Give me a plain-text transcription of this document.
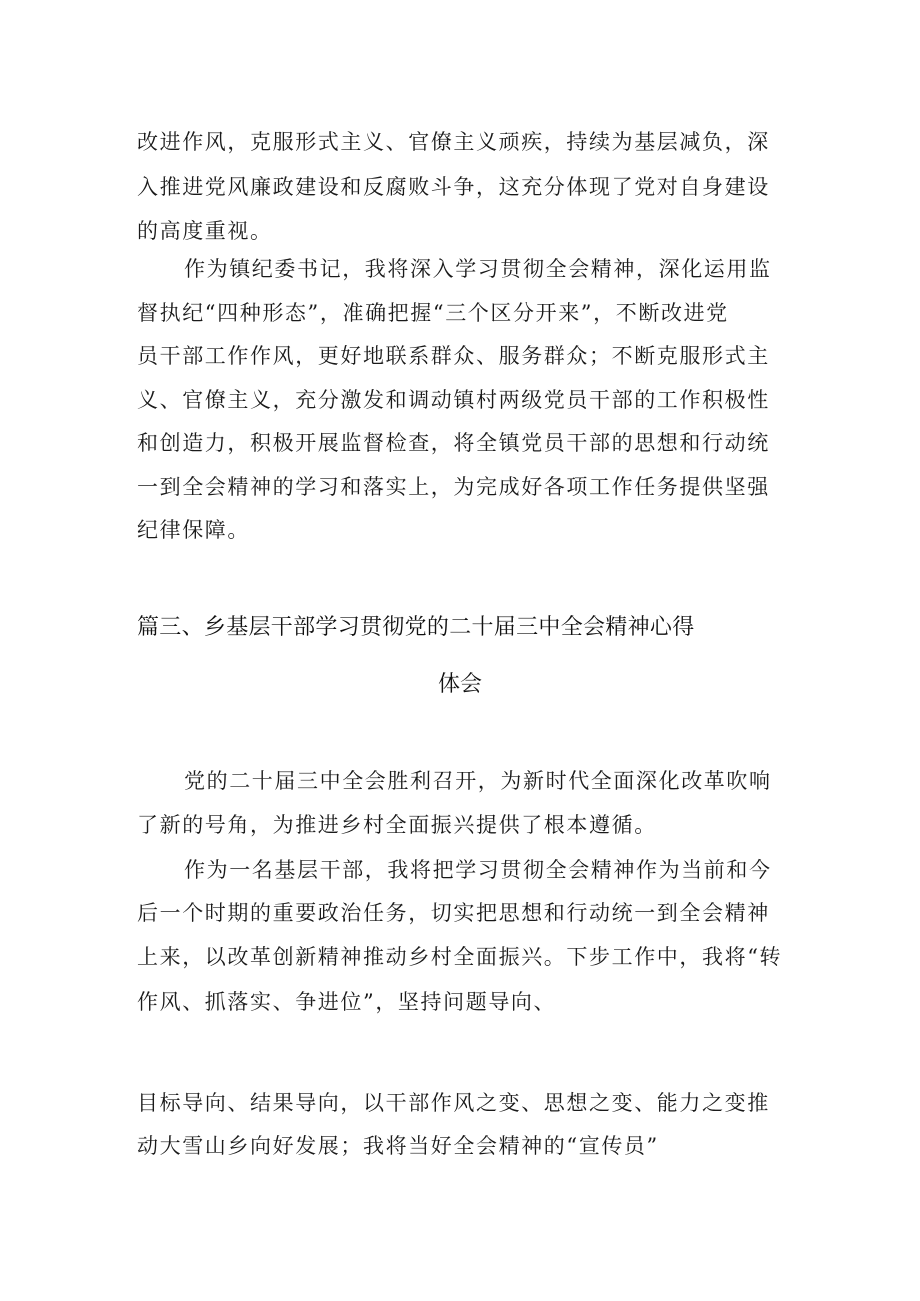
改进作风，克服形式主义、官僚主义顽疾，持续为基层减负，深
入推进党风廉政建设和反腐败斗争，这充分体现了党对自身建设
的高度重视。
作为镇纪委书记，我将深入学习贯彻全会精神，深化运用监
督执纪“四种形态”，准确把握“三个区分开来”，不断改进党
员干部工作作风，更好地联系群众、服务群众；不断克服形式主
义、官僚主义，充分激发和调动镇村两级党员干部的工作积极性
和创造力，积极开展监督检查，将全镇党员干部的思想和行动统
一到全会精神的学习和落实上，为完成好各项工作任务提供坚强
纪律保障。
篇三、乡基层干部学习贯彻党的二十届三中全会精神心得
体会
党的二十届三中全会胜利召开，为新时代全面深化改革吹响
了新的号角，为推进乡村全面振兴提供了根本遵循。
作为一名基层干部，我将把学习贯彻全会精神作为当前和今
后一个时期的重要政治任务，切实把思想和行动统一到全会精神
上来，以改革创新精神推动乡村全面振兴。下步工作中，我将“转
作风、抓落实、争进位”，坚持问题导向、
目标导向、结果导向，以干部作风之变、思想之变、能力之变推
动大雪山乡向好发展；我将当好全会精神的“宣传员”
